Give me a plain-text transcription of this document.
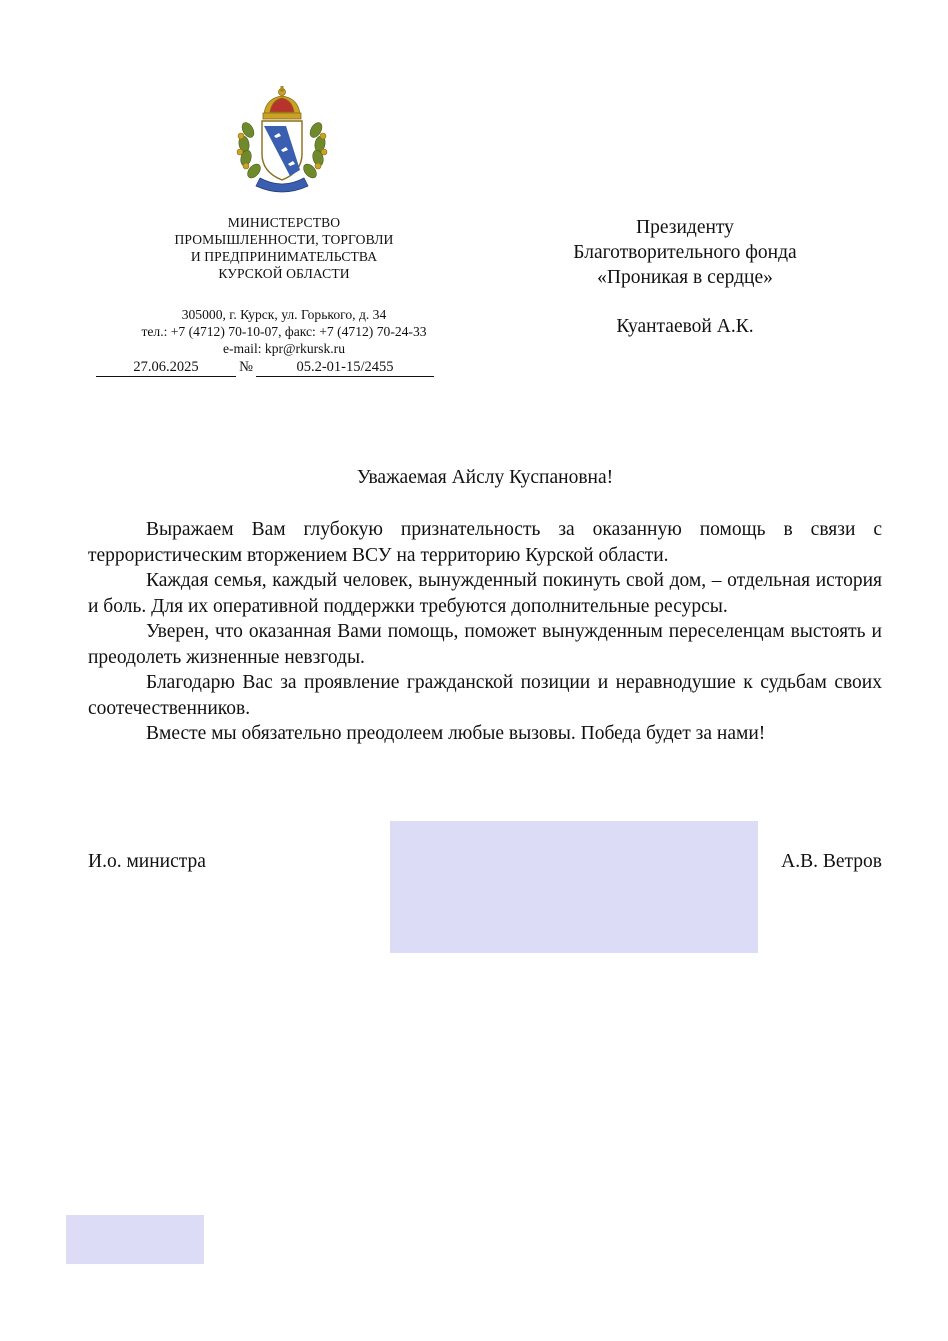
МИНИСТЕРСТВО
ПРОМЫШЛЕННОСТИ, ТОРГОВЛИ
И ПРЕДПРИНИМАТЕЛЬСТВА
КУРСКОЙ ОБЛАСТИ
305000, г. Курск, ул. Горького, д. 34
тел.: +7 (4712) 70-10-07, факс: +7 (4712) 70-24-33
e-mail: kpr@rkursk.ru
27.06.2025	№	05.2-01-15/2455
Президенту
Благотворительного фонда
«Проникая в сердце»
Куантаевой А.К.
Уважаемая Айслу Куспановна!

Выражаем Вам глубокую признательность за оказанную помощь в связи с террористическим вторжением ВСУ на территорию Курской области.

Каждая семья, каждый человек, вынужденный покинуть свой дом, – отдельная история и боль. Для их оперативной поддержки требуются дополнительные ресурсы.

Уверен, что оказанная Вами помощь, поможет вынужденным переселенцам выстоять и преодолеть жизненные невзгоды.

Благодарю Вас за проявление гражданской позиции и неравнодушие к судьбам своих соотечественников.

Вместе мы обязательно преодолеем любые вызовы. Победа будет за нами!

И.о. министра	А.В. Ветров
